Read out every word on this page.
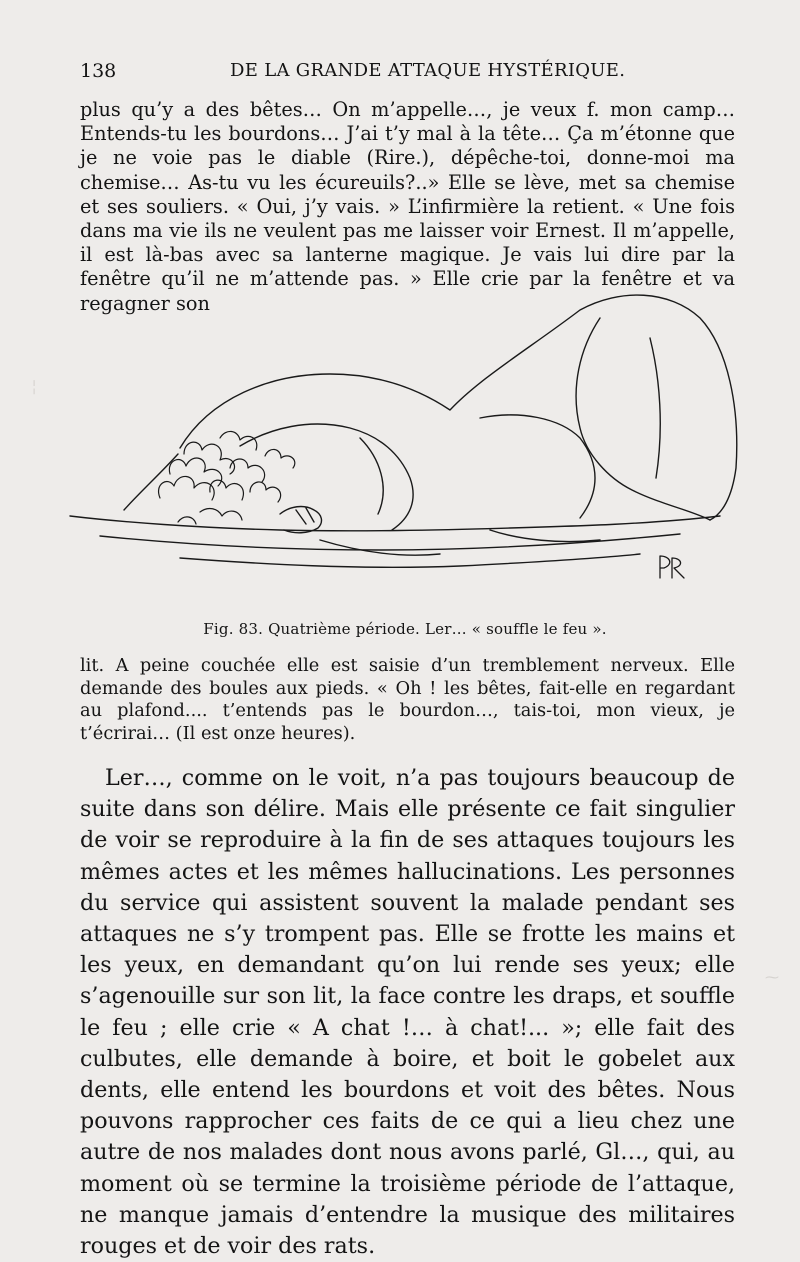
138	DE LA GRANDE ATTAQUE HYSTÉRIQUE.
plus qu’y a des bêtes… On m’appelle…, je veux f. mon camp… Entends-tu les bourdons… J’ai t’y mal à la tête… Ça m’étonne que je ne voie pas le diable (Rire.), dépêche-toi, donne-moi ma chemise… As-tu vu les écureuils?..» Elle se lève, met sa chemise et ses souliers. « Oui, j’y vais. » L’infirmière la retient. « Une fois dans ma vie ils ne veulent pas me laisser voir Ernest. Il m’appelle, il est là-bas avec sa lanterne magique. Je vais lui dire par la fenêtre qu’il ne m’attende pas. » Elle crie par la fenêtre et va regagner son
╎
⁓
Fig. 83. Quatrième période. Ler… « souffle le feu ».
lit. A peine couchée elle est saisie d’un tremblement nerveux. Elle demande des boules aux pieds. « Oh ! les bêtes, fait-elle en regardant au plafond.... t’entends pas le bourdon…, tais-toi, mon vieux, je t’écrirai… (Il est onze heures).
Ler…, comme on le voit, n’a pas toujours beaucoup de suite dans son délire. Mais elle présente ce fait singulier de voir se reproduire à la fin de ses attaques toujours les mêmes actes et les mêmes hallucinations. Les personnes du service qui assistent souvent la malade pendant ses attaques ne s’y trompent pas. Elle se frotte les mains et les yeux, en demandant qu’on lui rende ses yeux; elle s’agenouille sur son lit, la face contre les draps, et souffle le feu ; elle crie « A chat !… à chat!... »; elle fait des culbutes, elle demande à boire, et boit le gobelet aux dents, elle entend les bourdons et voit des bêtes. Nous pouvons rapprocher ces faits de ce qui a lieu chez une autre de nos malades dont nous avons parlé, Gl…, qui, au moment où se termine la troisième période de l’attaque, ne manque jamais d’entendre la musique des militaires rouges et de voir des rats.
